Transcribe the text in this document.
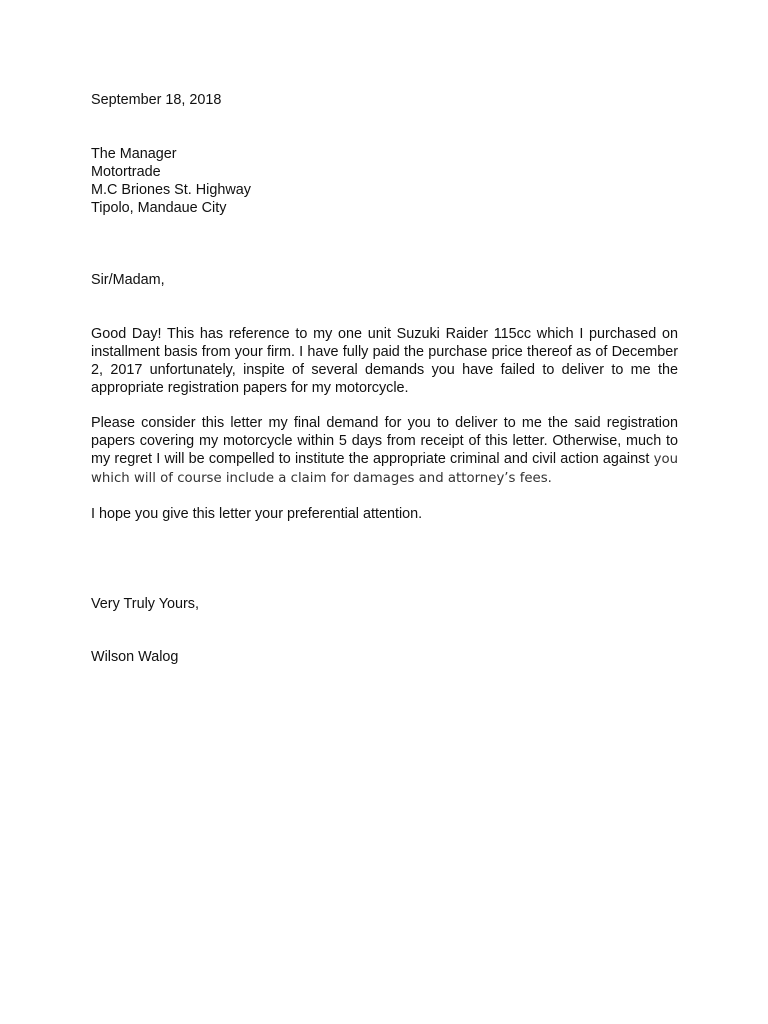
September 18, 2018
The Manager
Motortrade
M.C Briones St. Highway
Tipolo, Mandaue City
Sir/Madam,

Good Day! This has reference to my one unit Suzuki Raider 115cc which I purchased on installment basis from your firm. I have fully paid the purchase price thereof as of December 2, 2017 unfortunately, inspite of several demands you have failed to deliver to me the appropriate registration papers for my motorcycle.

Please consider this letter my final demand for you to deliver to me the said registration papers covering my motorcycle within 5 days from receipt of this letter. Otherwise, much to my regret I will be compelled to institute the appropriate criminal and civil action against you which will of course include a claim for damages and attorney’s fees.

I hope you give this letter your preferential attention.

Very Truly Yours,
Wilson Walog
